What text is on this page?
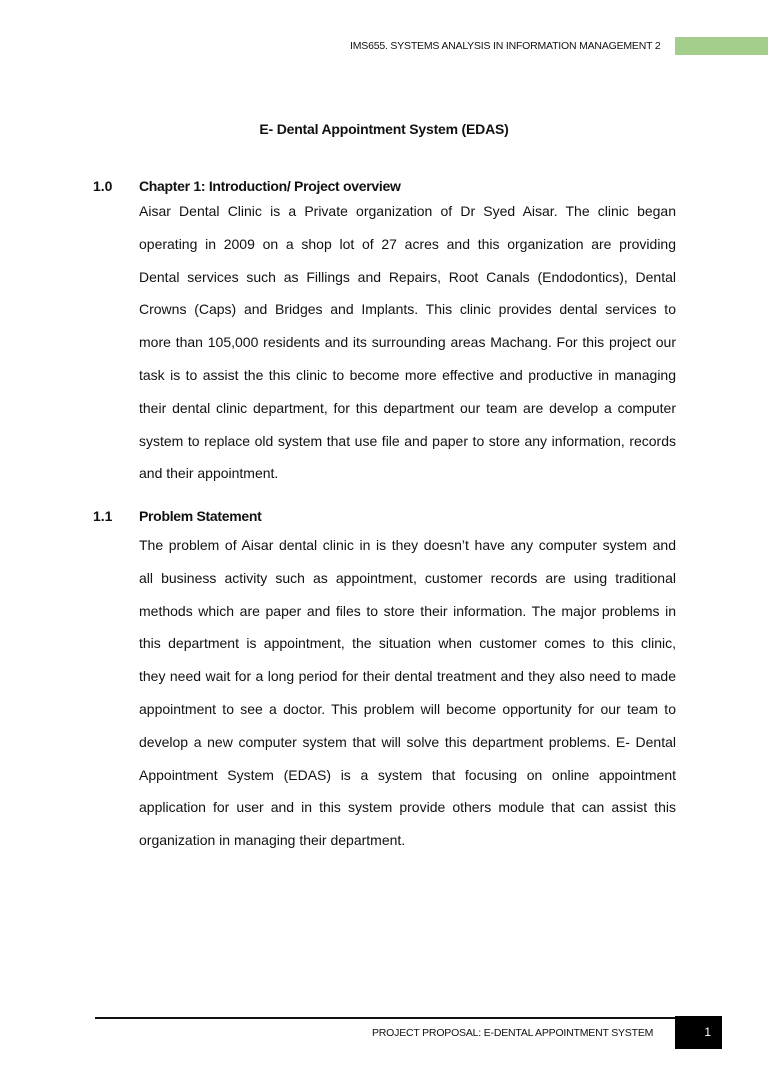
IMS655. SYSTEMS ANALYSIS IN INFORMATION MANAGEMENT 2
E- Dental Appointment System (EDAS)
1.0 Chapter 1: Introduction/ Project overview
Aisar Dental Clinic is a Private organization of Dr Syed Aisar. The clinic began
operating in 2009 on a shop lot of 27 acres and this organization are providing
Dental services such as Fillings and Repairs, Root Canals (Endodontics), Dental
Crowns (Caps) and Bridges and Implants. This clinic provides dental services to
more than 105,000 residents and its surrounding areas Machang. For this project our
task is to assist the this clinic to become more effective and productive in managing
their dental clinic department, for this department our team are develop a computer
system to replace old system that use file and paper to store any information, records
and their appointment.
1.1 Problem Statement
The problem of Aisar dental clinic in is they doesn’t have any computer system and
all business activity such as appointment, customer records are using traditional
methods which are paper and files to store their information. The major problems in
this department is appointment, the situation when customer comes to this clinic,
they need wait for a long period for their dental treatment and they also need to made
appointment to see a doctor. This problem will become opportunity for our team to
develop a new computer system that will solve this department problems. E- Dental
Appointment System (EDAS) is a system that focusing on online appointment
application for user and in this system provide others module that can assist this
organization in managing their department.
PROJECT PROPOSAL: E-DENTAL APPOINTMENT SYSTEM	1
